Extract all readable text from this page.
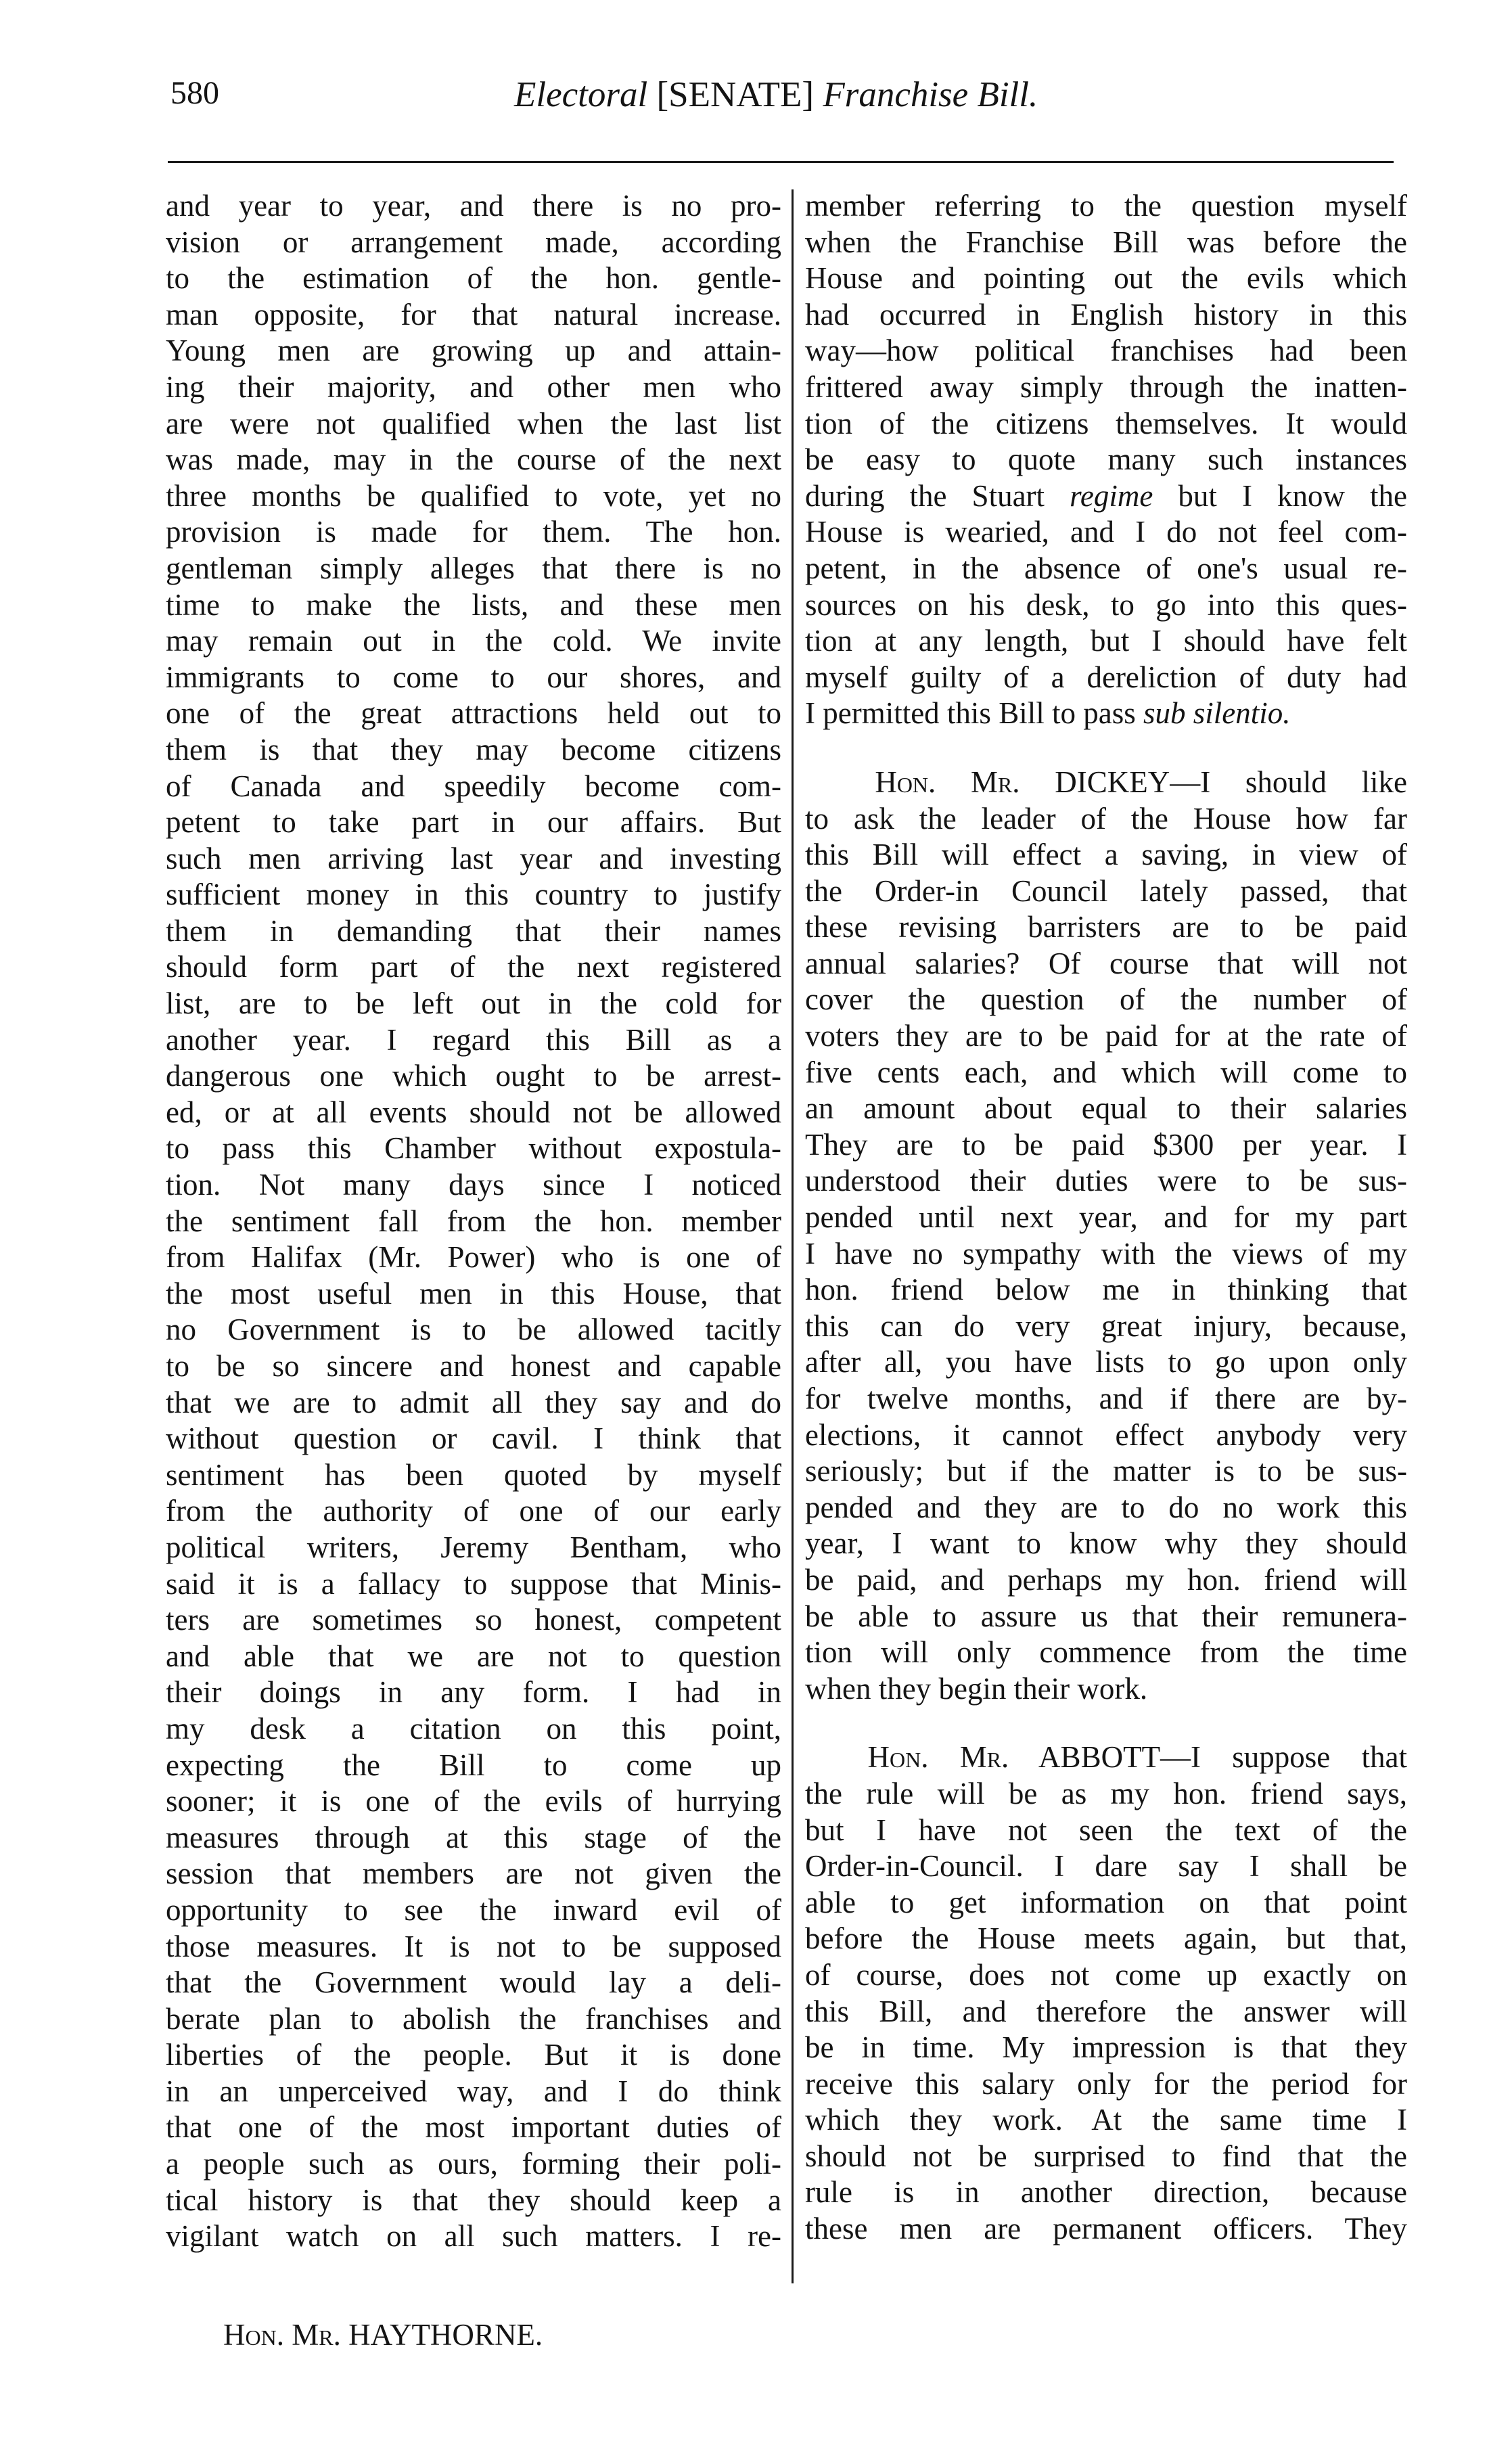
580	Electoral [SENATE] Franchise Bill.
and year to year, and there is no pro-
vision or arrangement made, according
to the estimation of the hon. gentle-
man opposite, for that natural increase.
Young men are growing up and attain-
ing their majority, and other men who
are were not qualified when the last list
was made, may in the course of the next
three months be qualified to vote, yet no
provision is made for them. The hon.
gentleman simply alleges that there is no
time to make the lists, and these men
may remain out in the cold. We invite
immigrants to come to our shores, and
one of the great attractions held out to
them is that they may become citizens
of Canada and speedily become com-
petent to take part in our affairs. But
such men arriving last year and investing
sufficient money in this country to justify
them in demanding that their names
should form part of the next registered
list, are to be left out in the cold for
another year. I regard this Bill as a
dangerous one which ought to be arrest-
ed, or at all events should not be allowed
to pass this Chamber without expostula-
tion. Not many days since I noticed
the sentiment fall from the hon. member
from Halifax (Mr. Power) who is one of
the most useful men in this House, that
no Government is to be allowed tacitly
to be so sincere and honest and capable
that we are to admit all they say and do
without question or cavil. I think that
sentiment has been quoted by myself
from the authority of one of our early
political writers, Jeremy Bentham, who
said it is a fallacy to suppose that Minis-
ters are sometimes so honest, competent
and able that we are not to question
their doings in any form. I had in
my desk a citation on this point,
expecting the Bill to come up
sooner; it is one of the evils of hurrying
measures through at this stage of the
session that members are not given the
opportunity to see the inward evil of
those measures. It is not to be supposed
that the Government would lay a deli-
berate plan to abolish the franchises and
liberties of the people. But it is done
in an unperceived way, and I do think
that one of the most important duties of
a people such as ours, forming their poli-
tical history is that they should keep a
vigilant watch on all such matters. I re-
member referring to the question myself
when the Franchise Bill was before the
House and pointing out the evils which
had occurred in English history in this
way—how political franchises had been
frittered away simply through the inatten-
tion of the citizens themselves. It would
be easy to quote many such instances
during the Stuart regime but I know the
House is wearied, and I do not feel com-
petent, in the absence of one's usual re-
sources on his desk, to go into this ques-
tion at any length, but I should have felt
myself guilty of a dereliction of duty had
I permitted this Bill to pass sub silentio.
Hon. Mr. DICKEY—I should like
to ask the leader of the House how far
this Bill will effect a saving, in view of
the Order-in Council lately passed, that
these revising barristers are to be paid
annual salaries? Of course that will not
cover the question of the number of
voters they are to be paid for at the rate of
five cents each, and which will come to
an amount about equal to their salaries
They are to be paid $300 per year. I
understood their duties were to be sus-
pended until next year, and for my part
I have no sympathy with the views of my
hon. friend below me in thinking that
this can do very great injury, because,
after all, you have lists to go upon only
for twelve months, and if there are by-
elections, it cannot effect anybody very
seriously; but if the matter is to be sus-
pended and they are to do no work this
year, I want to know why they should
be paid, and perhaps my hon. friend will
be able to assure us that their remunera-
tion will only commence from the time
when they begin their work.
Hon. Mr. ABBOTT—I suppose that
the rule will be as my hon. friend says,
but I have not seen the text of the
Order-in-Council. I dare say I shall be
able to get information on that point
before the House meets again, but that,
of course, does not come up exactly on
this Bill, and therefore the answer will
be in time. My impression is that they
receive this salary only for the period for
which they work. At the same time I
should not be surprised to find that the
rule is in another direction, because
these men are permanent officers. They
Hon. Mr. HAYTHORNE.
